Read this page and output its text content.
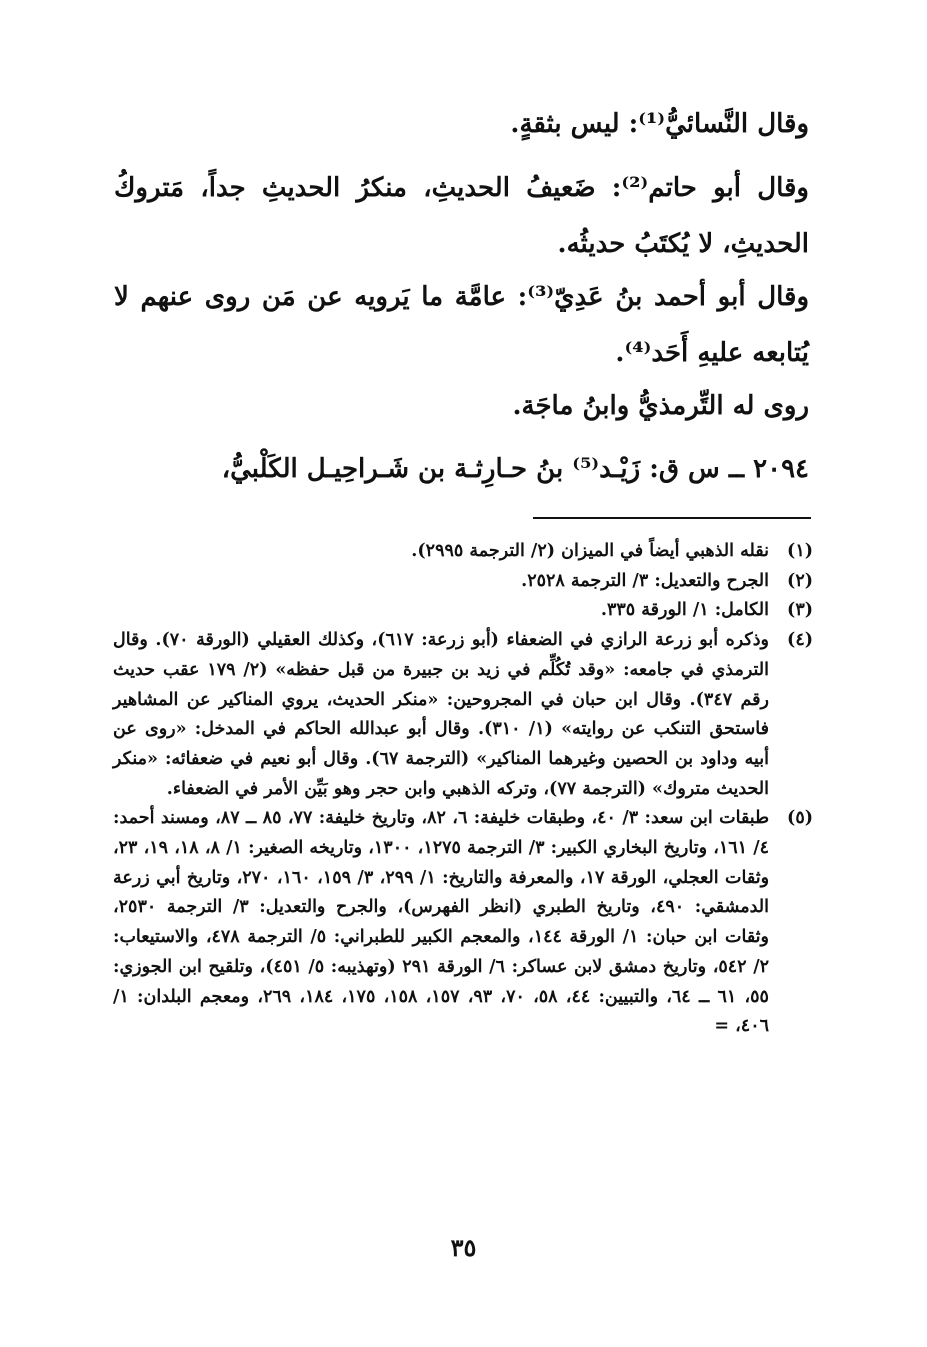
وقال النَّسائيُّ⁽¹⁾: ليس بثقةٍ.

وقال أبو حاتم⁽²⁾: ضَعيفُ الحديثِ، منكرُ الحديثِ جداً، مَتروكُ الحديثِ، لا يُكتَبُ حديثُه.

وقال أبو أحمد بنُ عَدِيّ⁽³⁾: عامَّة ما يَرويه عن مَن روى عنهم لا يُتابعه عليهِ أَحَد⁽⁴⁾.

روى له التِّرمذيُّ وابنُ ماجَة.

٢٠٩٤ ــ س ق: زَيْـد⁽⁵⁾ بنُ حـارِثـة بن شَـراحِيـل الكَلْبيُّ،

(١)
نقله الذهبي أيضاً في الميزان (٢/ الترجمة ٢٩٩٥).
(٢)
الجرح والتعديل: ٣/ الترجمة ٢٥٢٨.
(٣)
الكامل: ١/ الورقة ٣٣٥.
(٤)
وذكره أبو زرعة الرازي في الضعفاء (أبو زرعة: ٦١٧)، وكذلك العقيلي (الورقة ٧٠). وقال الترمذي في جامعه: «وقد تُكُلِّم في زيد بن جبيرة من قبل حفظه» (٢/ ١٧٩ عقب حديث رقم ٣٤٧). وقال ابن حبان في المجروحين: «منكر الحديث، يروي المناكير عن المشاهير فاستحق التنكب عن روايته» (١/ ٣١٠). وقال أبو عبدالله الحاكم في المدخل: «روى عن أبيه وداود بن الحصين وغيرهما المناكير» (الترجمة ٦٧). وقال أبو نعيم في ضعفائه: «منكر الحديث متروك» (الترجمة ٧٧)، وتركه الذهبي وابن حجر وهو بَيِّن الأمر في الضعفاء.
(٥)
طبقات ابن سعد: ٣/ ٤٠، وطبقات خليفة: ٦، ٨٢، وتاريخ خليفة: ٧٧، ٨٥ ــ ٨٧، ومسند أحمد: ٤/ ١٦١، وتاريخ البخاري الكبير: ٣/ الترجمة ١٢٧٥، ١٣٠٠، وتاريخه الصغير: ١/ ٨، ١٨، ١٩، ٢٣، وثقات العجلي، الورقة ١٧، والمعرفة والتاريخ: ١/ ٢٩٩، ٣/ ١٥٩، ١٦٠، ٢٧٠، وتاريخ أبي زرعة الدمشقي: ٤٩٠، وتاريخ الطبري (انظر الفهرس)، والجرح والتعديل: ٣/ الترجمة ٢٥٣٠، وثقات ابن حبان: ١/ الورقة ١٤٤، والمعجم الكبير للطبراني: ٥/ الترجمة ٤٧٨، والاستيعاب: ٢/ ٥٤٢، وتاريخ دمشق لابن عساكر: ٦/ الورقة ٢٩١ (وتهذيبه: ٥/ ٤٥١)، وتلقيح ابن الجوزي: ٥٥، ٦١ ــ ٦٤، والتبيين: ٤٤، ٥٨، ٧٠، ٩٣، ١٥٧، ١٥٨، ١٧٥، ١٨٤، ٢٦٩، ومعجم البلدان: ١/ ٤٠٦، =
٣٥
